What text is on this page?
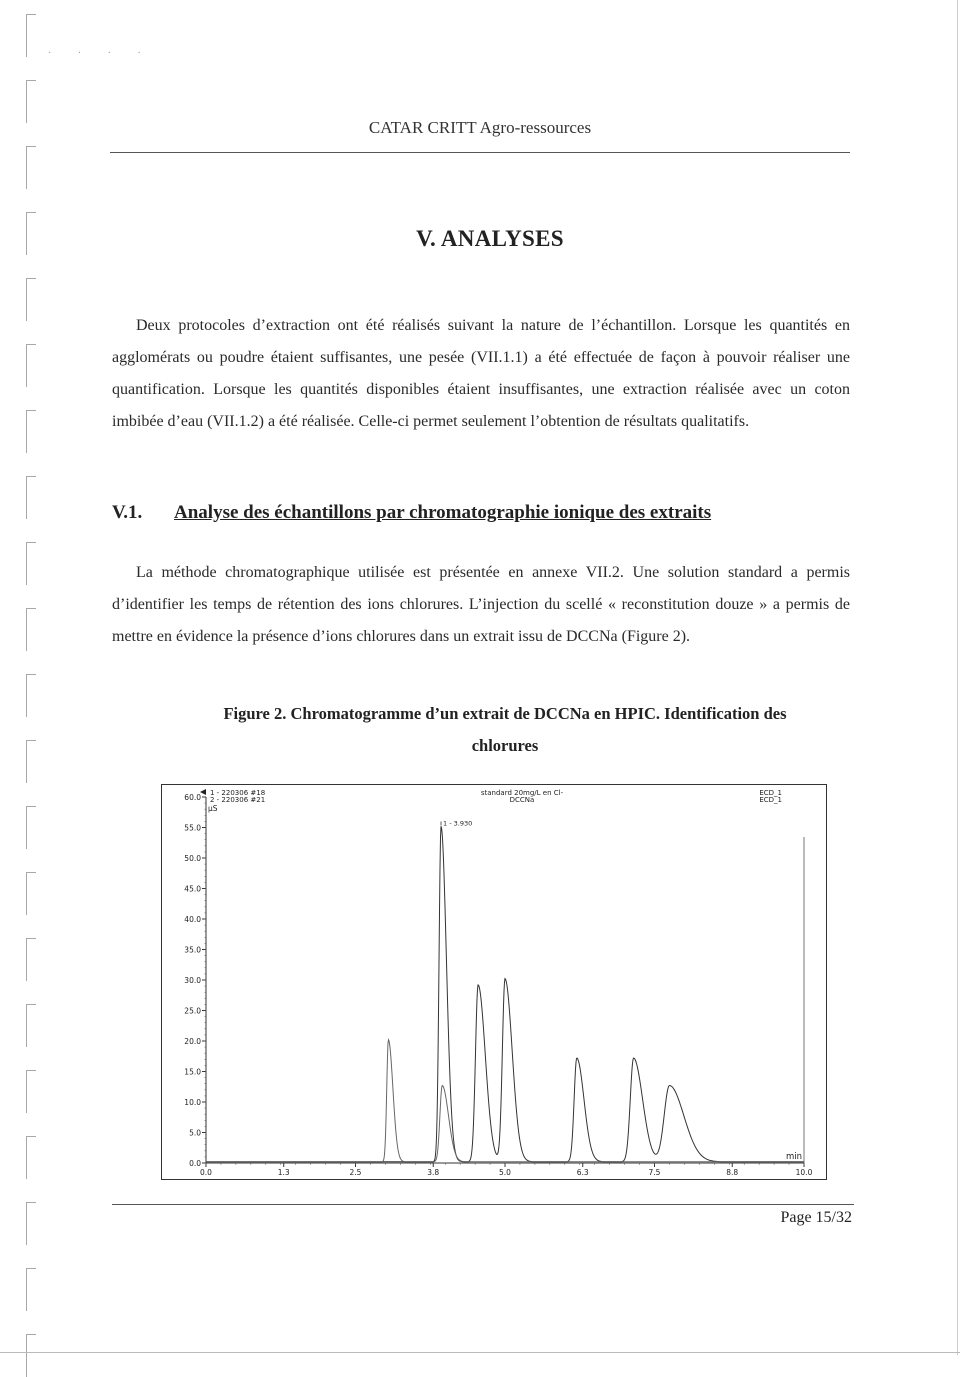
· · · ·
CATAR CRITT Agro-ressources
V. ANALYSES
Deux protocoles d’extraction ont été réalisés suivant la nature de l’échantillon. Lorsque les quantités en agglomérats ou poudre étaient suffisantes, une pesée (VII.1.1) a été effectuée de façon à pouvoir réaliser une quantification. Lorsque les quantités disponibles étaient insuffisantes, une extraction réalisée avec un coton imbibée d’eau (VII.1.2) a été réalisée. Celle-ci permet seulement l’obtention de résultats qualitatifs.
V.1. Analyse des échantillons par chromatographie ionique des extraits
La méthode chromatographique utilisée est présentée en annexe VII.2. Une solution standard a permis d’identifier les temps de rétention des ions chlorures. L’injection du scellé « reconstitution douze » a permis de mettre en évidence la présence d’ions chlorures dans un extrait issu de DCCNa (Figure 2).
Figure 2. Chromatogramme d’un extrait de DCCNa en HPIC. Identification des
chlorures
0.0
5.0
10.0
15.0
20.0
25.0
30.0
35.0
40.0
45.0
50.0
55.0
60.0
0.0	1.3	2.5	3.8	5.0	6.3	7.5	8.8	10.0
µS
min
1 - 220306 #18	standard 20mg/L en Cl-	ECD_1
2 - 220306 #21	DCCNa	ECD_1
1 - 3.930
Page 15/32
